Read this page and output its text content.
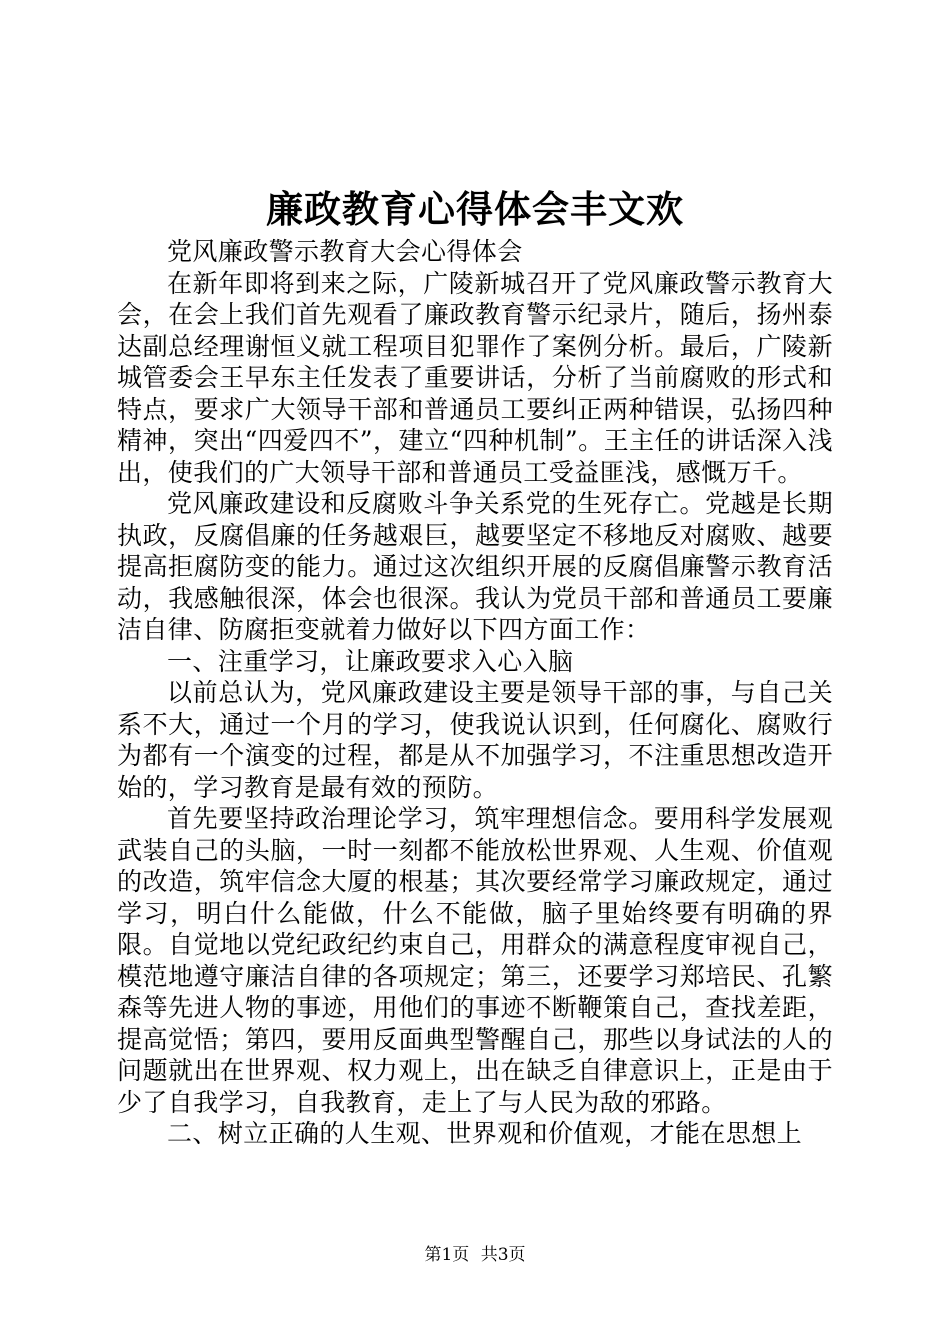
廉政教育心得体会丰文欢

党风廉政警示教育大会心得体会

在新年即将到来之际，广陵新城召开了党风廉政警示教育大会，在会上我们首先观看了廉政教育警示纪录片，随后，扬州泰达副总经理谢恒义就工程项目犯罪作了案例分析。最后，广陵新城管委会王早东主任发表了重要讲话，分析了当前腐败的形式和特点，要求广大领导干部和普通员工要纠正两种错误，弘扬四种精神，突出“四爱四不”，建立“四种机制”。王主任的讲话深入浅出，使我们的广大领导干部和普通员工受益匪浅，感慨万千。

党风廉政建设和反腐败斗争关系党的生死存亡。党越是长期执政，反腐倡廉的任务越艰巨，越要坚定不移地反对腐败、越要提高拒腐防变的能力。通过这次组织开展的反腐倡廉警示教育活动，我感触很深，体会也很深。我认为党员干部和普通员工要廉洁自律、防腐拒变就着力做好以下四方面工作：

一、注重学习，让廉政要求入心入脑

以前总认为，党风廉政建设主要是领导干部的事，与自己关系不大，通过一个月的学习，使我说认识到，任何腐化、腐败行为都有一个演变的过程，都是从不加强学习，不注重思想改造开始的，学习教育是最有效的预防。

首先要坚持政治理论学习，筑牢理想信念。要用科学发展观武装自己的头脑，一时一刻都不能放松世界观、人生观、价值观的改造，筑牢信念大厦的根基；其次要经常学习廉政规定，通过学习，明白什么能做，什么不能做，脑子里始终要有明确的界限。自觉地以党纪政纪约束自己，用群众的满意程度审视自己，模范地遵守廉洁自律的各项规定；第三，还要学习郑培民、孔繁森等先进人物的事迹，用他们的事迹不断鞭策自己，查找差距，提高觉悟；第四，要用反面典型警醒自己，那些以身试法的人的问题就出在世界观、权力观上，出在缺乏自律意识上，正是由于少了自我学习，自我教育，走上了与人民为敌的邪路。

二、树立正确的人生观、世界观和价值观，才能在思想上

第1页 共3页
